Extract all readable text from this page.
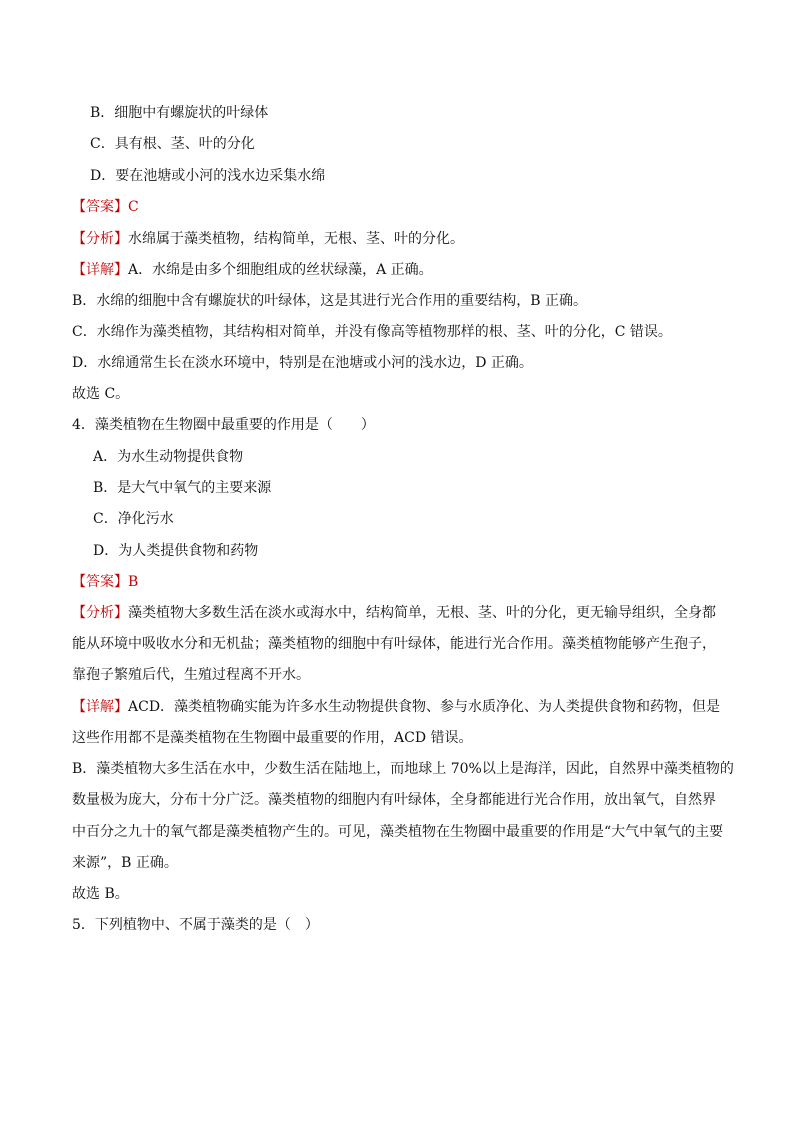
B．细胞中有螺旋状的叶绿体
C．具有根、茎、叶的分化
D．要在池塘或小河的浅水边采集水绵
【答案】C
【分析】水绵属于藻类植物，结构简单，无根、茎、叶的分化。
【详解】A．水绵是由多个细胞组成的丝状绿藻，A 正确。
B．水绵的细胞中含有螺旋状的叶绿体，这是其进行光合作用的重要结构，B 正确。
C．水绵作为藻类植物，其结构相对简单，并没有像高等植物那样的根、茎、叶的分化，C 错误。
D．水绵通常生长在淡水环境中，特别是在池塘或小河的浅水边，D 正确。
故选 C。
4．藻类植物在生物圈中最重要的作用是（　　）
A．为水生动物提供食物
B．是大气中氧气的主要来源
C．净化污水
D．为人类提供食物和药物
【答案】B
【分析】藻类植物大多数生活在淡水或海水中，结构简单，无根、茎、叶的分化，更无输导组织，全身都
能从环境中吸收水分和无机盐；藻类植物的细胞中有叶绿体，能进行光合作用。藻类植物能够产生孢子，
靠孢子繁殖后代，生殖过程离不开水。
【详解】ACD．藻类植物确实能为许多水生动物提供食物、参与水质净化、为人类提供食物和药物，但是
这些作用都不是藻类植物在生物圈中最重要的作用，ACD 错误。
B．藻类植物大多生活在水中，少数生活在陆地上，而地球上 70%以上是海洋，因此，自然界中藻类植物的
数量极为庞大，分布十分广泛。藻类植物的细胞内有叶绿体，全身都能进行光合作用，放出氧气，自然界
中百分之九十的氧气都是藻类植物产生的。可见，藻类植物在生物圈中最重要的作用是“大气中氧气的主要
来源”，B 正确。
故选 B。
5．下列植物中、不属于藻类的是（　）
